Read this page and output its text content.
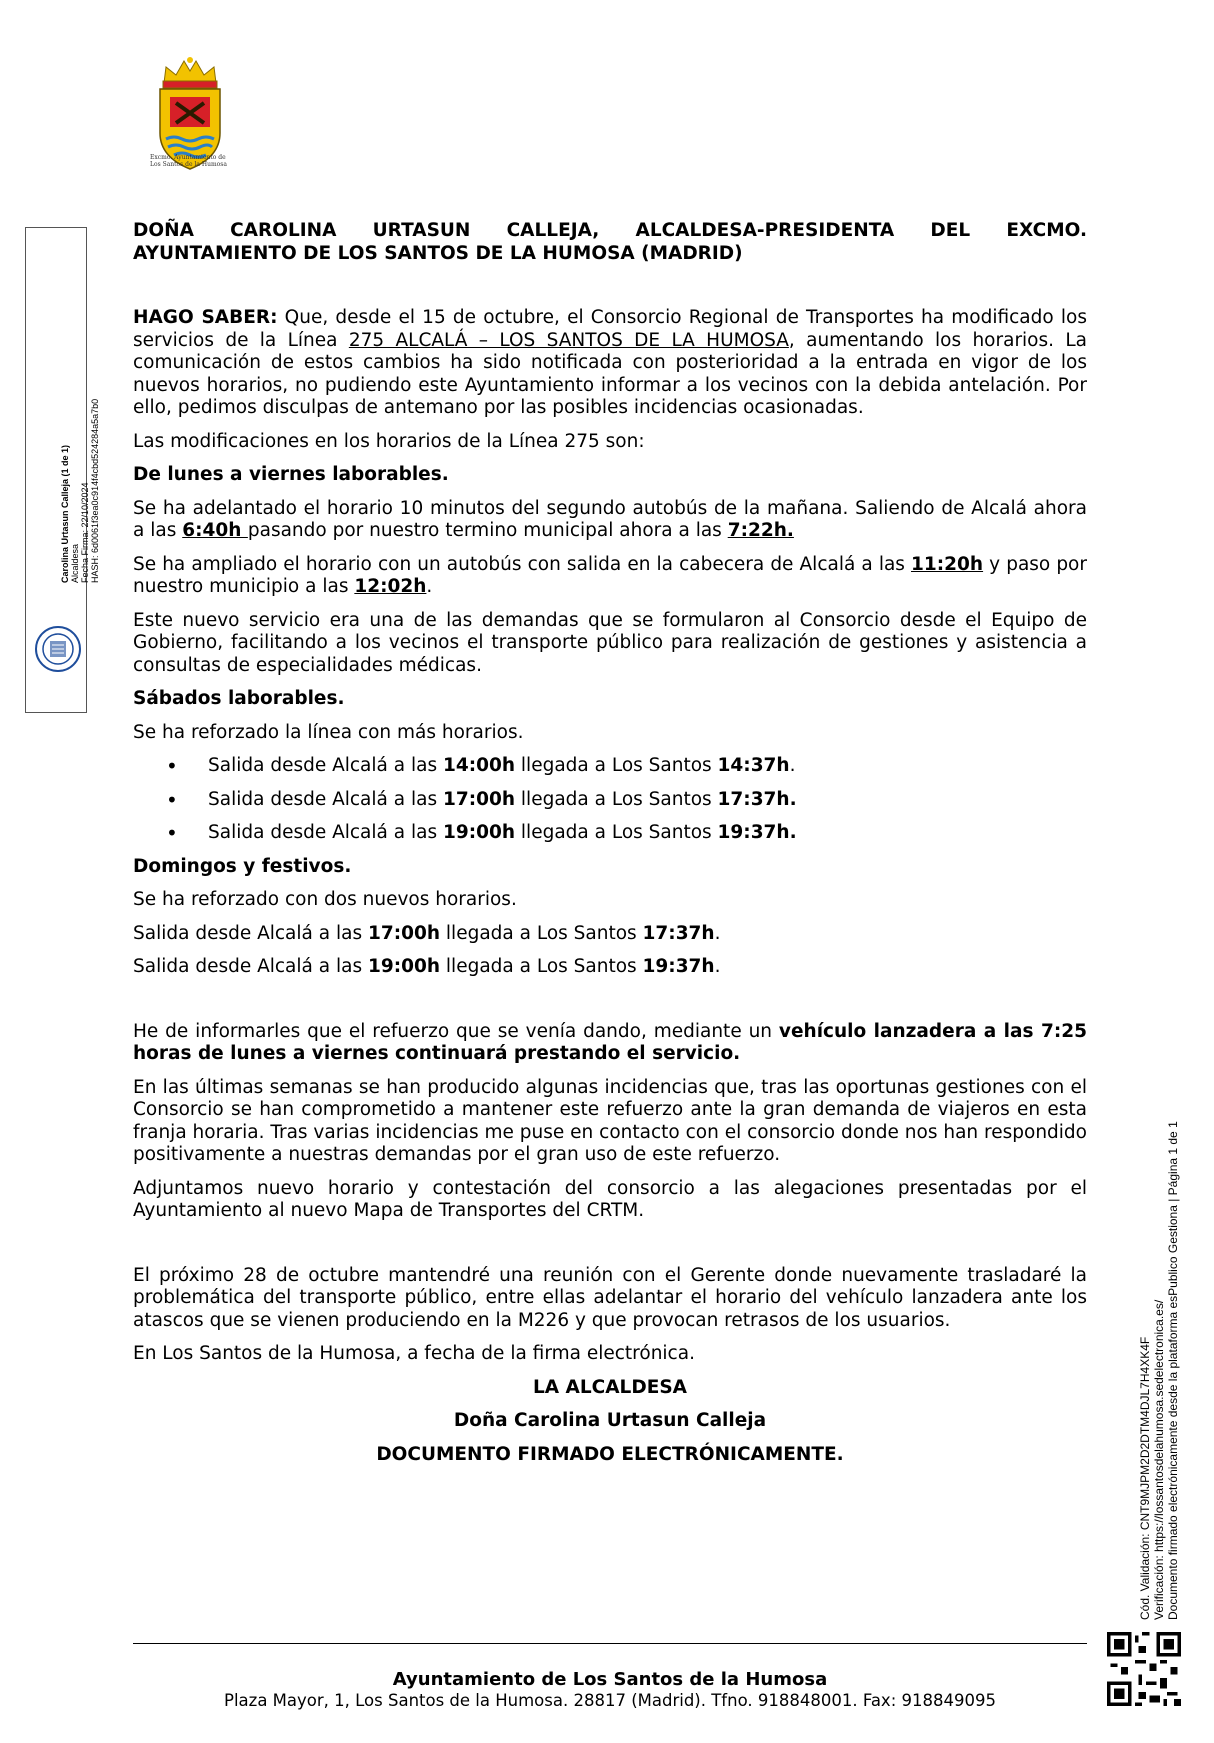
Excmo. Ayuntamiento de
Los Santos de la Humosa
Carolina Urtasun Calleja (1 de 1) Alcaldesa Fecha Firma: 22/10/2024 HASH: 6d0061f3ea0c914f4cbd524284a5a7b0
Cód. Validación: CNT9MJPM2D2DTM4DJL7H4XK4F Verificación: https://lossantosdelahumosa.sedelectronica.es/ Documento firmado electrónicamente desde la plataforma esPublico Gestiona | Página 1 de 1

DOÑA CAROLINA URTASUN CALLEJA, ALCALDESA-PRESIDENTA DEL EXCMO.
AYUNTAMIENTO DE LOS SANTOS DE LA HUMOSA (MADRID)

HAGO SABER: Que, desde el 15 de octubre, el Consorcio Regional de Transportes ha modificado los servicios de la Línea 275 ALCALÁ – LOS SANTOS DE LA HUMOSA, aumentando los horarios. La comunicación de estos cambios ha sido notificada con posterioridad a la entrada en vigor de los nuevos horarios, no pudiendo este Ayuntamiento informar a los vecinos con la debida antelación. Por ello, pedimos disculpas de antemano por las posibles incidencias ocasionadas.

Las modificaciones en los horarios de la Línea 275 son:

De lunes a viernes laborables.

Se ha adelantado el horario 10 minutos del segundo autobús de la mañana. Saliendo de Alcalá ahora a las 6:40h pasando por nuestro termino municipal ahora a las 7:22h.

Se ha ampliado el horario con un autobús con salida en la cabecera de Alcalá a las 11:20h y paso por nuestro municipio a las 12:02h.

Este nuevo servicio era una de las demandas que se formularon al Consorcio desde el Equipo de Gobierno, facilitando a los vecinos el transporte público para realización de gestiones y asistencia a consultas de especialidades médicas.

Sábados laborables.

Se ha reforzado la línea con más horarios.

• Salida desde Alcalá a las 14:00h llegada a Los Santos 14:37h.
• Salida desde Alcalá a las 17:00h llegada a Los Santos 17:37h.
• Salida desde Alcalá a las 19:00h llegada a Los Santos 19:37h.

Domingos y festivos.

Se ha reforzado con dos nuevos horarios.

Salida desde Alcalá a las 17:00h llegada a Los Santos 17:37h.

Salida desde Alcalá a las 19:00h llegada a Los Santos 19:37h.

He de informarles que el refuerzo que se venía dando, mediante un vehículo lanzadera a las 7:25 horas de lunes a viernes continuará prestando el servicio.

En las últimas semanas se han producido algunas incidencias que, tras las oportunas gestiones con el Consorcio se han comprometido a mantener este refuerzo ante la gran demanda de viajeros en esta franja horaria. Tras varias incidencias me puse en contacto con el consorcio donde nos han respondido positivamente a nuestras demandas por el gran uso de este refuerzo.

Adjuntamos nuevo horario y contestación del consorcio a las alegaciones presentadas por el Ayuntamiento al nuevo Mapa de Transportes del CRTM.

El próximo 28 de octubre mantendré una reunión con el Gerente donde nuevamente trasladaré la problemática del transporte público, entre ellas adelantar el horario del vehículo lanzadera ante los atascos que se vienen produciendo en la M226 y que provocan retrasos de los usuarios.

En Los Santos de la Humosa, a fecha de la firma electrónica.

LA ALCALDESA

Doña Carolina Urtasun Calleja

DOCUMENTO FIRMADO ELECTRÓNICAMENTE.

Ayuntamiento de Los Santos de la Humosa
Plaza Mayor, 1, Los Santos de la Humosa. 28817 (Madrid). Tfno. 918848001. Fax: 918849095
